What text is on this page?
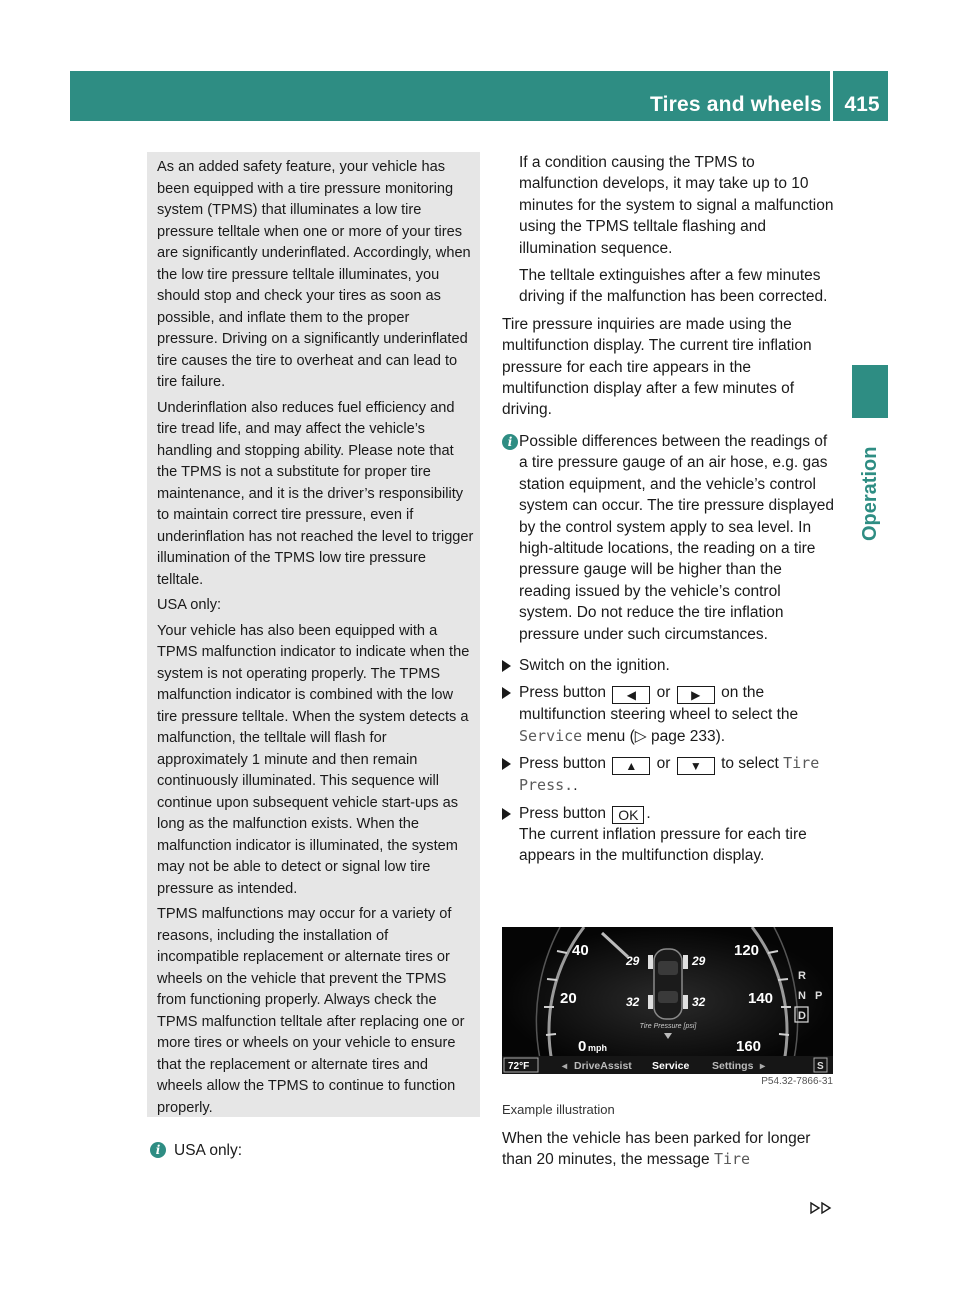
Tires and wheels	415
Operation

As an added safety feature, your vehicle has been equipped with a tire pressure monitoring system (TPMS) that illuminates a low tire pressure telltale when one or more of your tires are significantly underinflated. Accordingly, when the low tire pressure telltale illuminates, you should stop and check your tires as soon as possible, and inflate them to the proper pressure. Driving on a significantly underinflated tire causes the tire to overheat and can lead to tire failure.

Underinflation also reduces fuel efficiency and tire tread life, and may affect the vehicle’s handling and stopping ability. Please note that the TPMS is not a substitute for proper tire maintenance, and it is the driver’s responsibility to maintain correct tire pressure, even if underinflation has not reached the level to trigger illumination of the TPMS low tire pressure telltale.

USA only:

Your vehicle has also been equipped with a TPMS malfunction indicator to indicate when the system is not operating properly. The TPMS malfunction indicator is combined with the low tire pressure telltale. When the system detects a malfunction, the telltale will flash for approximately 1 minute and then remain continuously illuminated. This sequence will continue upon subsequent vehicle start-ups as long as the malfunction exists. When the malfunction indicator is illuminated, the system may not be able to detect or signal low tire pressure as intended.

TPMS malfunctions may occur for a variety of reasons, including the installation of incompatible replacement or alternate tires or wheels on the vehicle that prevent the TPMS from functioning properly. Always check the TPMS malfunction telltale after replacing one or more tires or wheels on your vehicle to ensure that the replacement or alternate tires and wheels allow the TPMS to continue to function properly.

i USA only:

If a condition causing the TPMS to malfunction develops, it may take up to 10 minutes for the system to signal a malfunction using the TPMS telltale flashing and illumination sequence.

The telltale extinguishes after a few minutes driving if the malfunction has been corrected.

Tire pressure inquiries are made using the multifunction display. The current tire inflation pressure for each tire appears in the multifunction display after a few minutes of driving.

i Possible differences between the readings of a tire pressure gauge of an air hose, e.g. gas station equipment, and the vehicle’s control system can occur. The tire pressure displayed by the control system apply to sea level. In high-altitude locations, the reading on a tire pressure gauge will be higher than the reading issued by the vehicle’s control system. Do not reduce the tire inflation pressure under such circumstances.
Switch on the ignition.
Press button ◀ or ▶ on the multifunction steering wheel to select the Service menu (▷ page 233).
Press button ▲ or ▼ to select Tire Press..
Press button OK .
The current inflation pressure for each tire appears in the multifunction display.
40
20
0 mph
120
140
160
29	29
32	32
Tire Pressure [psi]
R
N
D
P
72°F	◂ DriveAssist Service Settings ▸	S
P54.32-7866-31
Example illustration
When the vehicle has been parked for longer than 20 minutes, the message Tire
